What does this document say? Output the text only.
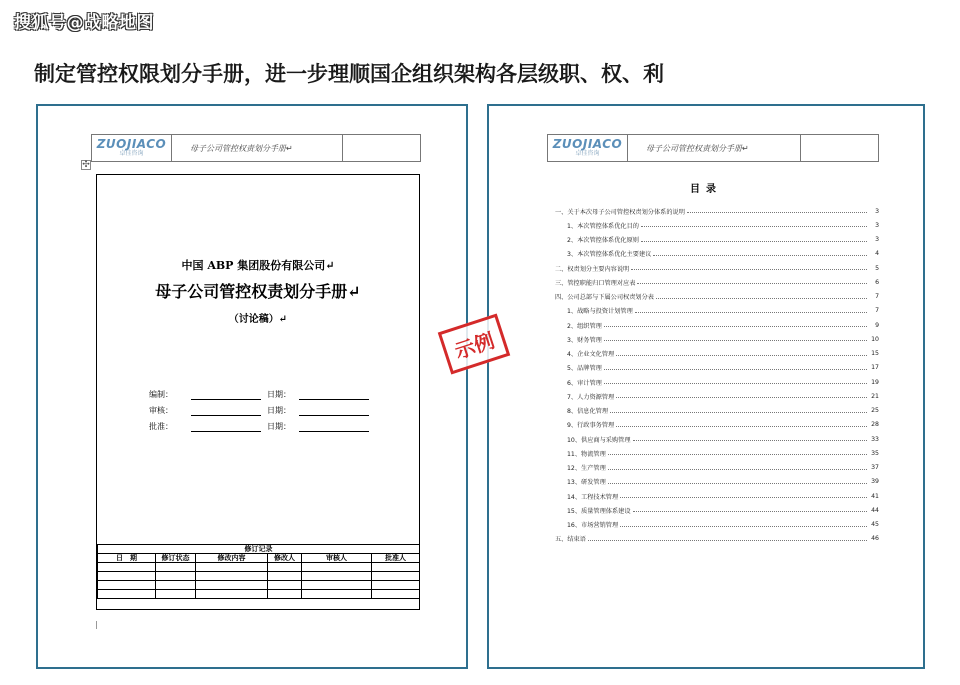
搜狐号@战略地图
制定管控权限划分手册，进一步理顺国企组织架构各层级职、权、利
ZUOJIACO
卓佳咨询
母子公司管控权责划分手册 ↵
✣
中国 ABP 集团股份有限公司↵
母子公司管控权责划分手册↵
（讨论稿）↵
编制：	日期：
审核：	日期：
批准：	日期：
修订记录					
日　期	修订状态	修改内容	修改人	审核人	批准人

ZUOJIACO
卓佳咨询
母子公司管控权责划分手册 ↵
目录
一、关于本次母子公司管控权责划分体系的说明	3
1、本次管控体系优化目的	3
2、本次管控体系优化原则	3
3、本次管控体系优化主要建议	4
二、权责划分主要内容说明	5
三、管控职能归口管理对应表	6
四、公司总部与下属公司权责划分表	7
1、战略与投资计划管理	7
2、组织管理	9
3、财务管理	10
4、企业文化管理	15
5、品牌管理	17
6、审计管理	19
7、人力资源管理	21
8、信息化管理	25
9、行政事务管理	28
10、供应商与采购管理	33
11、物流管理	35
12、生产管理	37
13、研发管理	39
14、工程技术管理	41
15、质量管理体系建设	44
16、市场营销管理	45
五、结束语	46
示例
